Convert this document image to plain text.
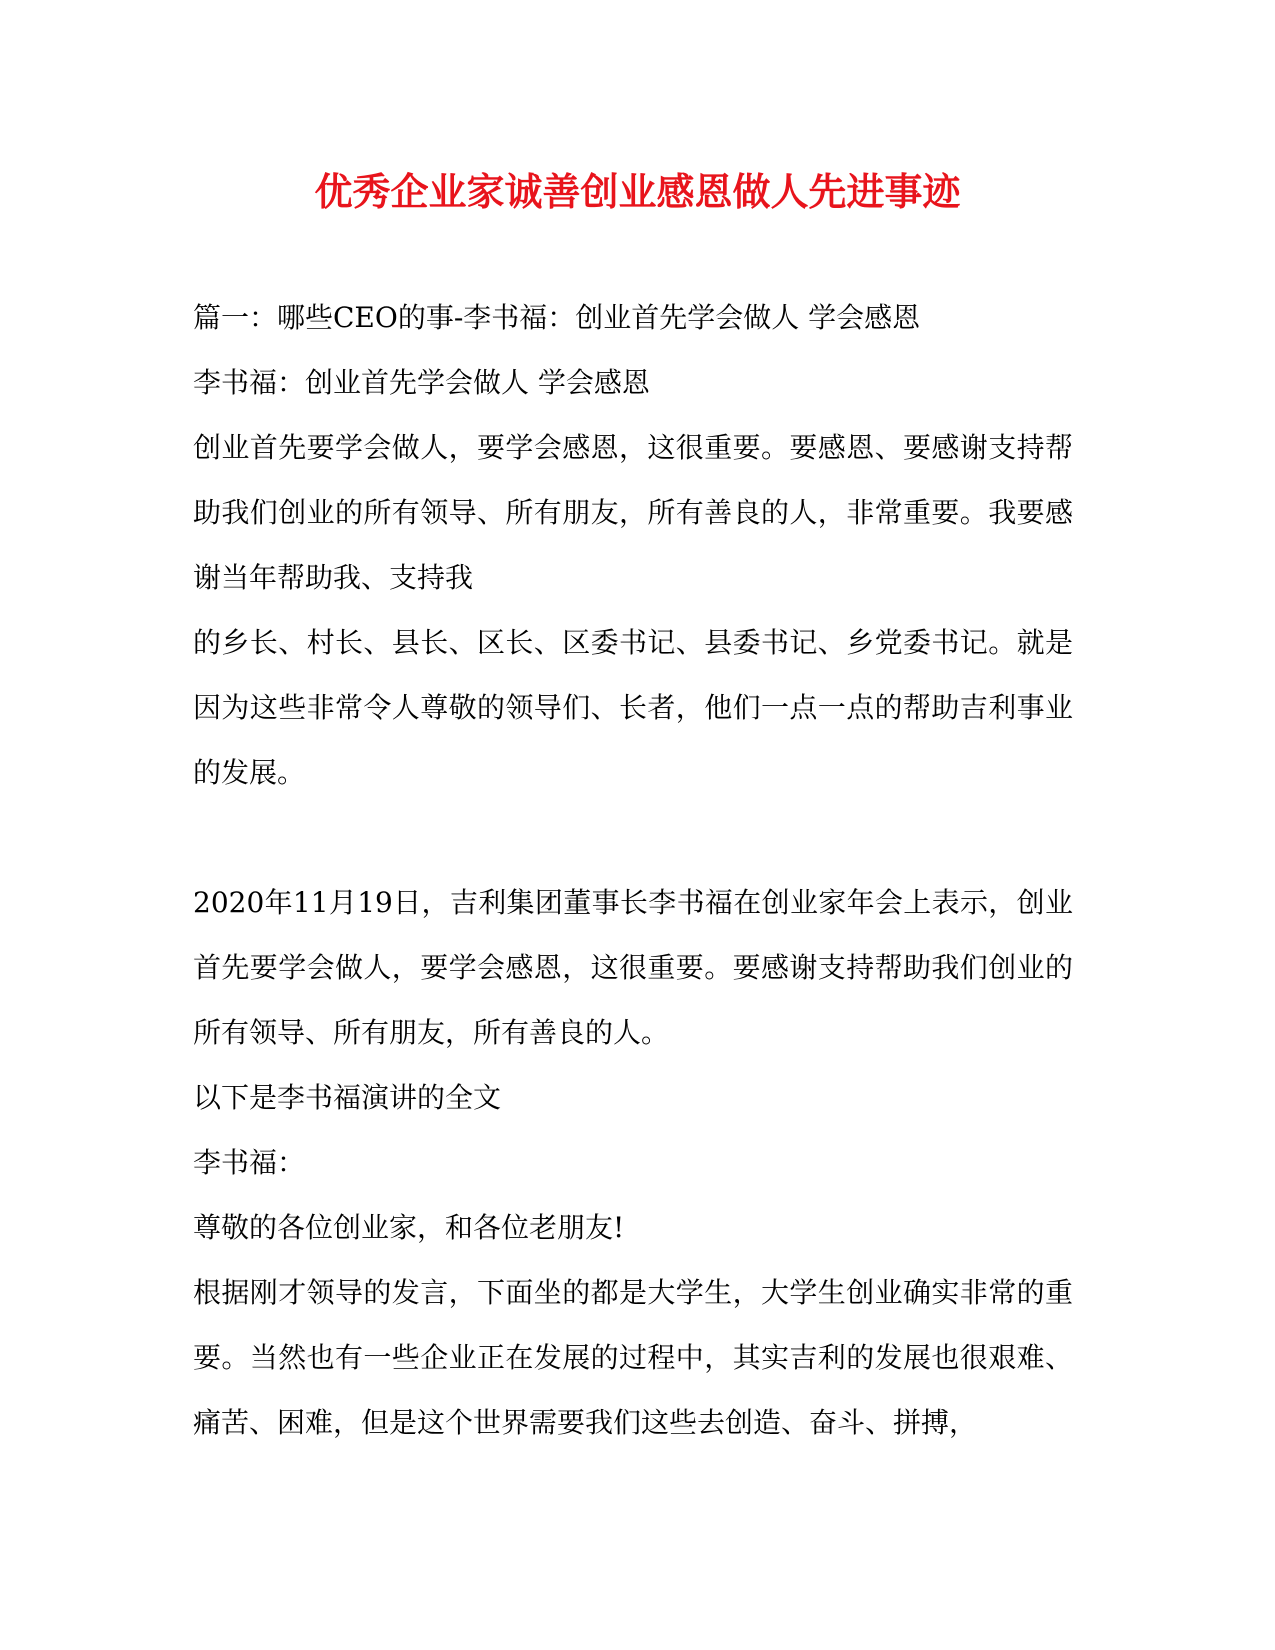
优秀企业家诚善创业感恩做人先进事迹

篇一：哪些CEO的事-李书福：创业首先学会做人 学会感恩

李书福：创业首先学会做人 学会感恩

创业首先要学会做人，要学会感恩，这很重要。要感恩、要感谢支持帮助我们创业的所有领导、所有朋友，所有善良的人，非常重要。我要感谢当年帮助我、支持我

的乡长、村长、县长、区长、区委书记、县委书记、乡党委书记。就是因为这些非常令人尊敬的领导们、长者，他们一点一点的帮助吉利事业的发展。

2020年11月19日，吉利集团董事长李书福在创业家年会上表示，创业首先要学会做人，要学会感恩，这很重要。要感谢支持帮助我们创业的所有领导、所有朋友，所有善良的人。

以下是李书福演讲的全文

李书福：

尊敬的各位创业家，和各位老朋友!

根据刚才领导的发言，下面坐的都是大学生，大学生创业确实非常的重要。当然也有一些企业正在发展的过程中，其实吉利的发展也很艰难、痛苦、困难，但是这个世界需要我们这些去创造、奋斗、拼搏，
